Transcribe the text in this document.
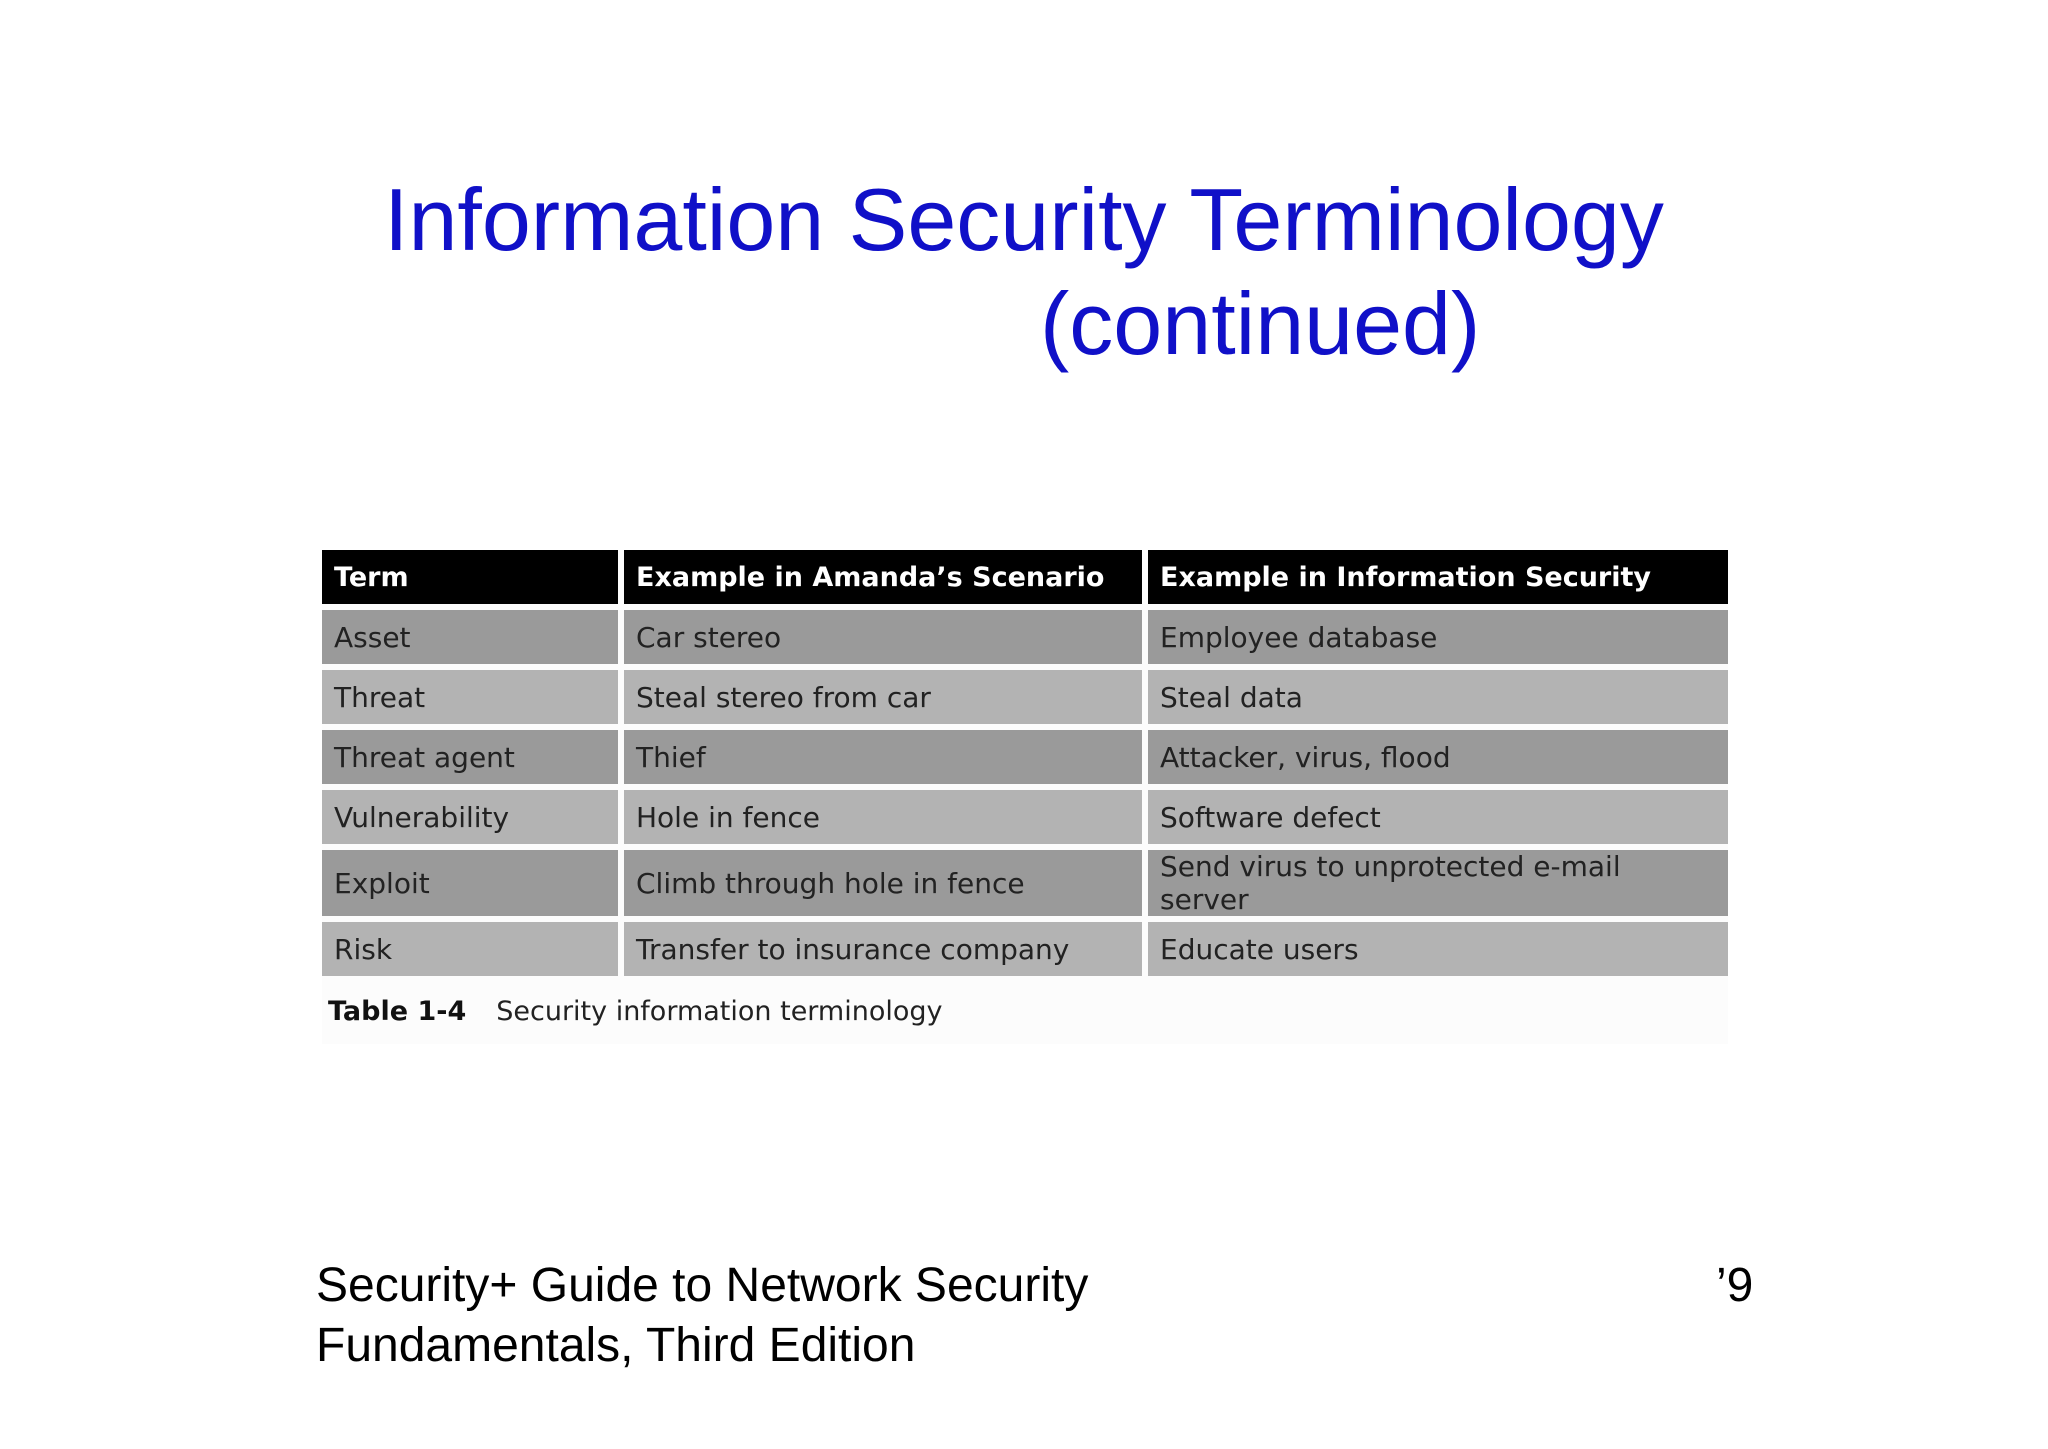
Information Security Terminology
(continued)
Term	Example in Amanda’s Scenario	Example in Information Security
Asset	Car stereo	Employee database
Threat	Steal stereo from car	Steal data
Threat agent	Thief	Attacker, virus, flood
Vulnerability	Hole in fence	Software defect
Exploit	Climb through hole in fence	Send virus to unprotected e-mail server
Risk	Transfer to insurance company	Educate users
Table 1-4 Security information terminology
Security+ Guide to Network Security
Fundamentals, Third Edition
’9
